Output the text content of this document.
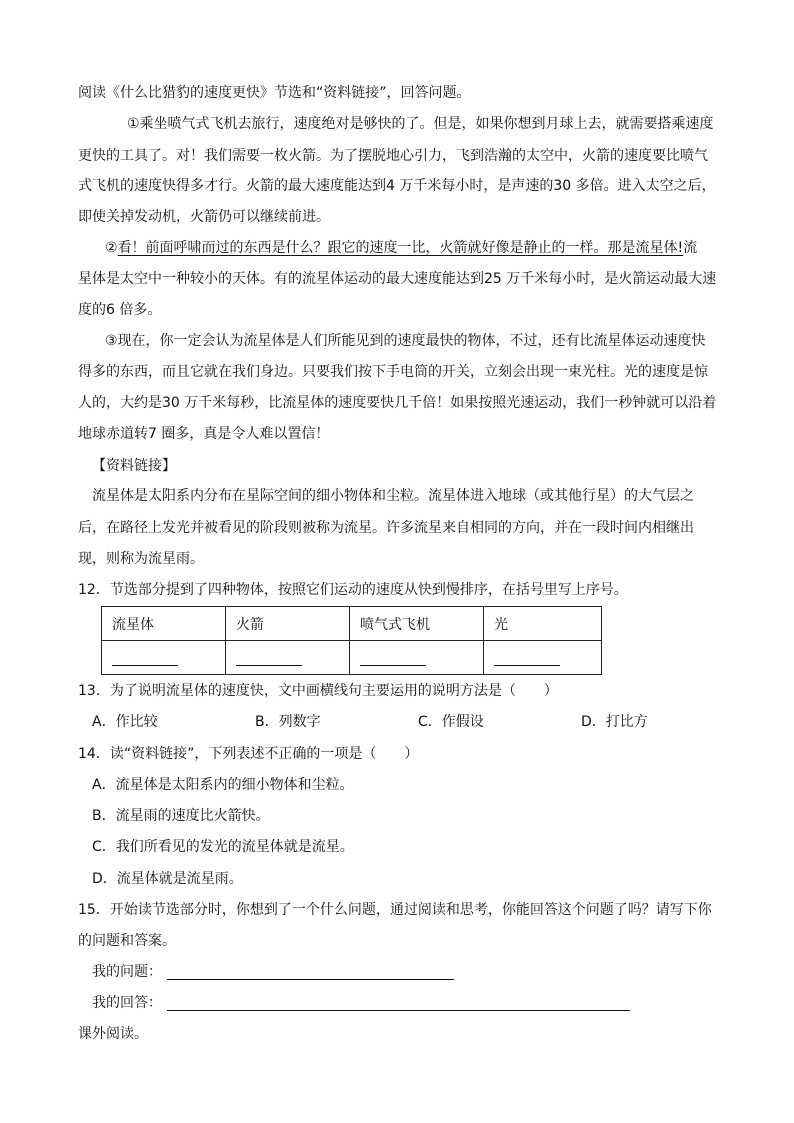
阅读《什么比猎豹的速度更快》节选和“资料链接”，回答问题。
①乘坐喷气式飞机去旅行，速度绝对是够快的了。但是，如果你想到月球上去，就需要搭乘速度
更快的工具了。对！我们需要一枚火箭。为了摆脱地心引力，飞到浩瀚的太空中，火箭的速度要比喷气
式飞机的速度快得多才行。火箭的最大速度能达到4 万千米每小时，是声速的30 多倍。进入太空之后，
即使关掉发动机，火箭仍可以继续前进。
②看！前面呼啸而过的东西是什么？跟它的速度一比，火箭就好像是静止的一样。那是流星体!流
星体是太空中一种较小的天体。有的流星体运动的最大速度能达到25 万千米每小时，是火箭运动最大速
度的6 倍多。
③现在，你一定会认为流星体是人们所能见到的速度最快的物体，不过，还有比流星体运动速度快
得多的东西，而且它就在我们身边。只要我们按下手电筒的开关，立刻会出现一束光柱。光的速度是惊
人的，大约是30 万千米每秒，比流星体的速度要快几千倍！如果按照光速运动，我们一秒钟就可以沿着
地球赤道转7 圈多，真是令人难以置信！
【资料链接】
流星体是太阳系内分布在星际空间的细小物体和尘粒。流星体进入地球（或其他行星）的大气层之
后，在路径上发光并被看见的阶段则被称为流星。许多流星来自相同的方向，并在一段时间内相继出
现，则称为流星雨。
12．节选部分提到了四种物体，按照它们运动的速度从快到慢排序，在括号里写上序号。
流星体	火箭	喷气式飞机	光

13．为了说明流星体的速度快，文中画横线句主要运用的说明方法是（　　）
A．作比较	B．列数字	C．作假设	D．打比方
14．读“资料链接”，下列表述不正确的一项是（　　）
A．流星体是太阳系内的细小物体和尘粒。
B．流星雨的速度比火箭快。
C．我们所看见的发光的流星体就是流星。
D．流星体就是流星雨。
15．开始读节选部分时，你想到了一个什么问题，通过阅读和思考，你能回答这个问题了吗？请写下你
的问题和答案。
我的问题：
我的回答：
课外阅读。
